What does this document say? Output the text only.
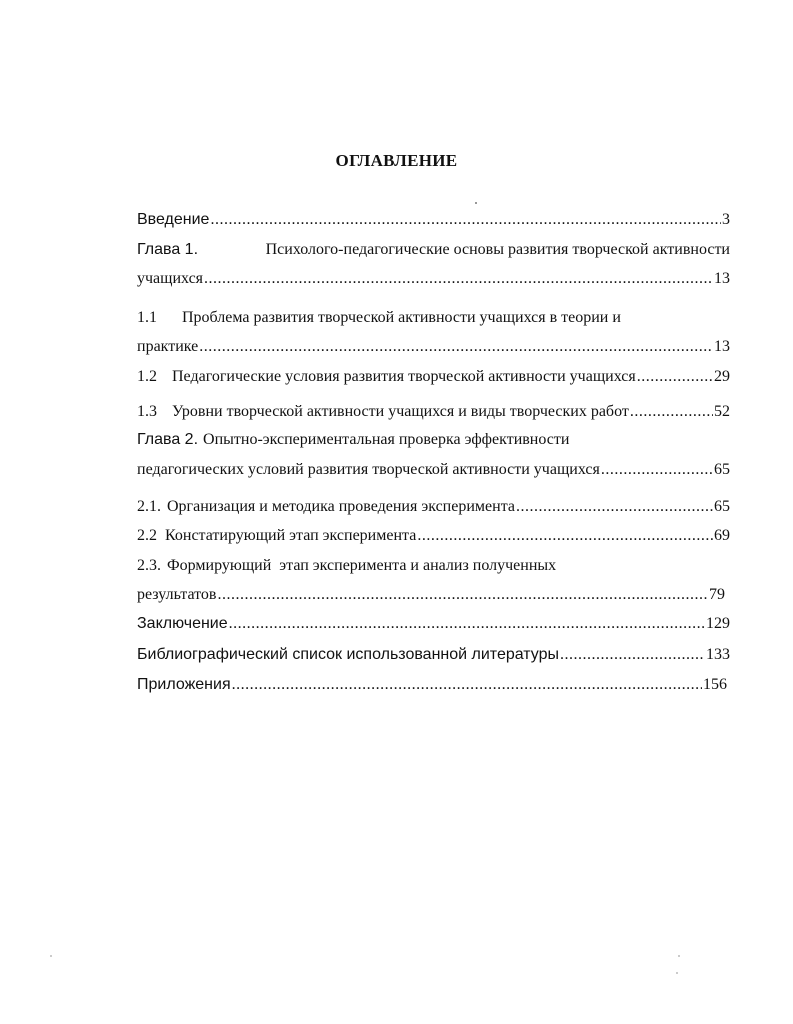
ОГЛАВЛЕНИЕ
Введение .....	3
Глава 1.	Психолого-педагогические основы развития творческой активности
учащихся .....	13
1.1	Проблема развития творческой активности учащихся в теории и
практике .....	13
1.2 Педагогические условия развития творческой активности учащихся .....	29
1.3 Уровни творческой активности учащихся и виды творческих работ .....	52
Глава 2. Опытно-экспериментальная проверка эффективности
педагогических условий развития творческой активности учащихся .....	65
2.1. Организация и методика проведения эксперимента .....	65
2.2 Констатирующий этап эксперимента .....	69
2.3. Формирующий  этап эксперимента и анализ полученных
результатов .....	79
Заключение .....	129
Библиографический список использованной литературы .....	133
Приложения .....	156
